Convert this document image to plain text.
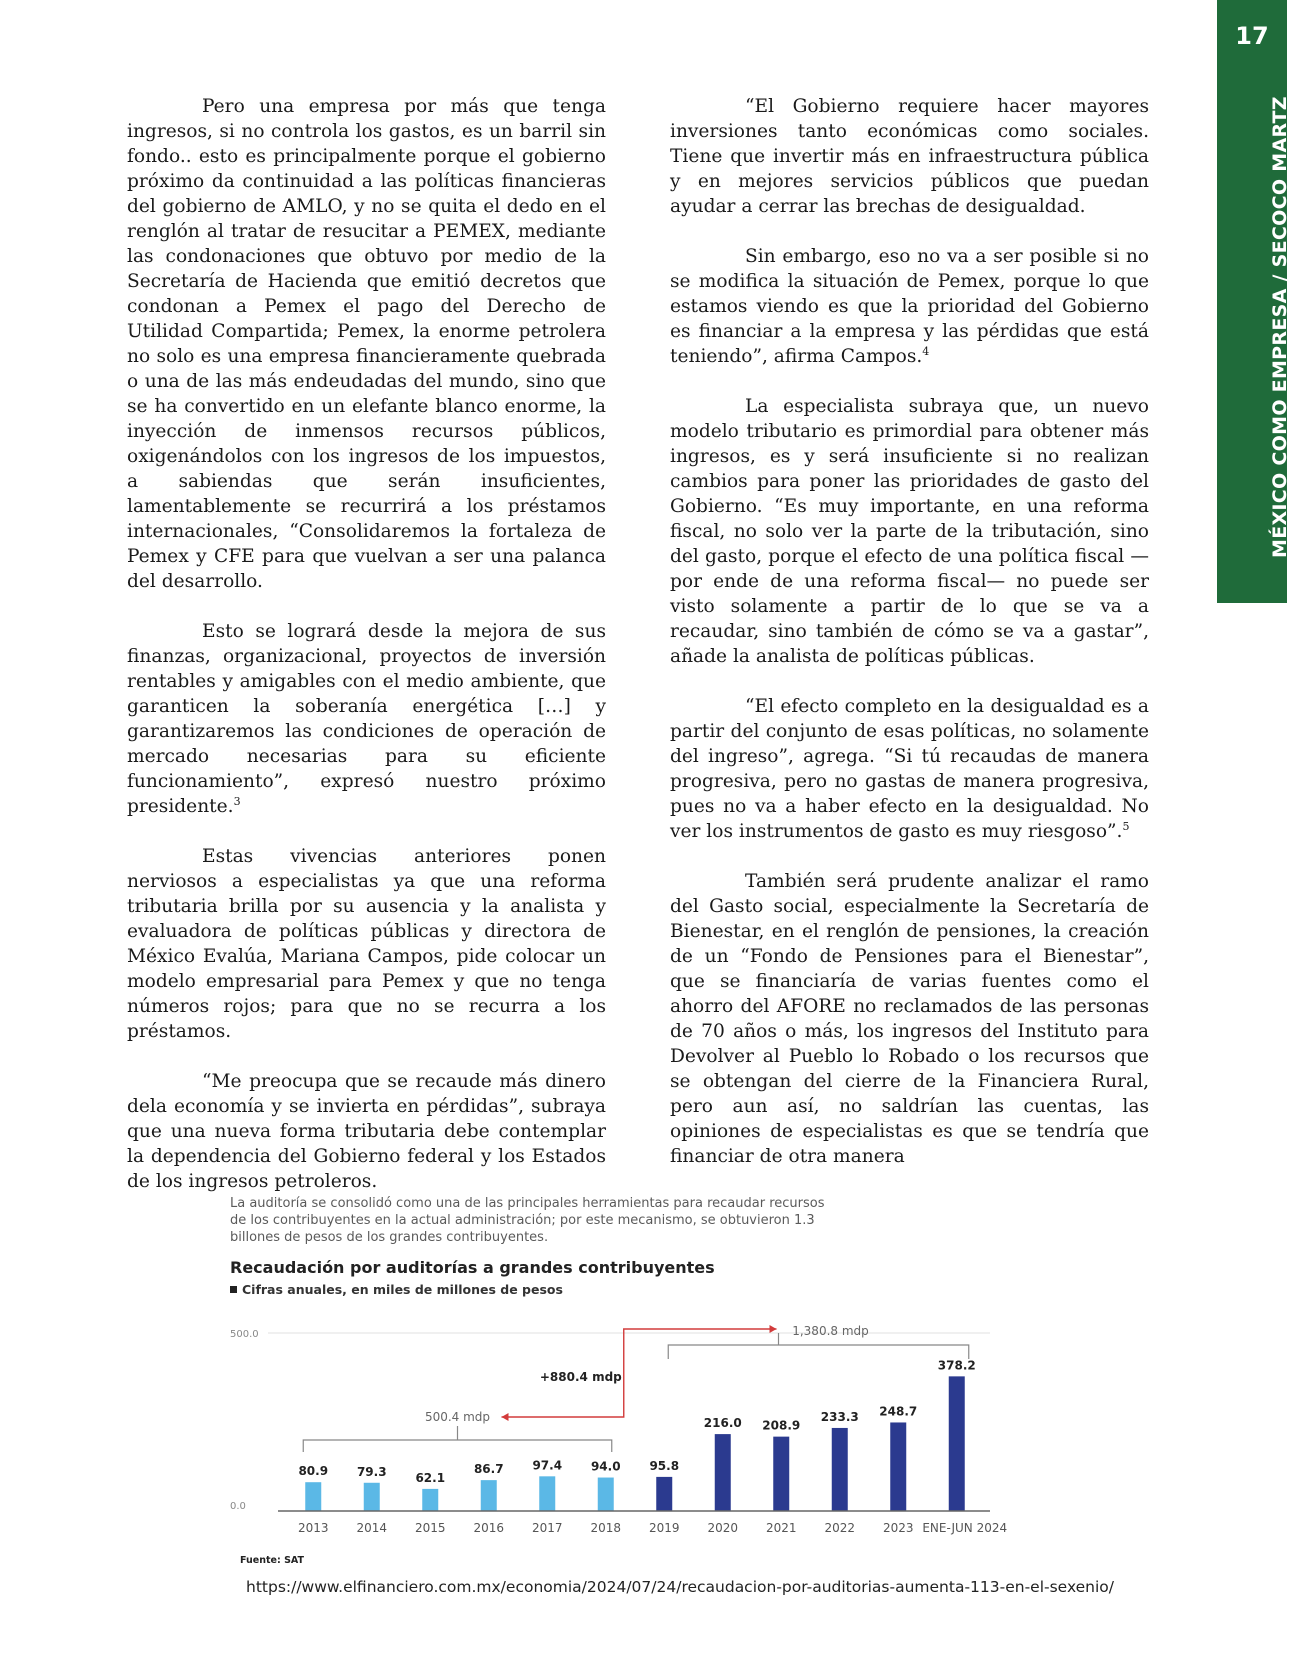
17
MÉXICO COMO EMPRESA / SECOCO MARTZ

Pero una empresa por más que tenga ingresos, si no controla los gastos, es un barril sin fondo.. esto es principalmente porque el gobierno próximo da continuidad a las políticas financieras del gobierno de AMLO, y no se quita el dedo en el renglón al tratar de resucitar a PEMEX, mediante las condonaciones que obtuvo por medio de la Secretaría de Hacienda que emitió decretos que condonan a Pemex el pago del Derecho de Utilidad Compartida; Pemex, la enorme petrolera no solo es una empresa financieramente quebrada o una de las más endeudadas del mundo, sino que se ha convertido en un elefante blanco enorme, la inyección de inmensos recursos públicos, oxigenándolos con los ingresos de los impuestos, a sabiendas que serán insuficientes, lamentablemente se recurrirá a los préstamos internacionales, “Consolidaremos la fortaleza de Pemex y CFE para que vuelvan a ser una palanca del desarrollo.

Esto se logrará desde la mejora de sus finanzas, organizacional, proyectos de inversión rentables y amigables con el medio ambiente, que garanticen la soberanía energética […] y garantizaremos las condiciones de operación de mercado necesarias para su eficiente funcionamiento”, expresó nuestro próximo presidente.$^3$

Estas vivencias anteriores ponen nerviosos a especialistas ya que una reforma tributaria brilla por su ausencia y la analista y evaluadora de políticas públicas y directora de México Evalúa, Mariana Campos, pide colocar un modelo empresarial para Pemex y que no tenga números rojos; para que no se recurra a los préstamos.

“Me preocupa que se recaude más dinero dela economía y se invierta en pérdidas”, subraya que una nueva forma tributaria debe contemplar la dependencia del Gobierno federal y los Estados de los ingresos petroleros.

“El Gobierno requiere hacer mayores inversiones tanto económicas como sociales. Tiene que invertir más en infraestructura pública y en mejores servicios públicos que puedan ayudar a cerrar las brechas de desigualdad.

Sin embargo, eso no va a ser posible si no se modifica la situación de Pemex, porque lo que estamos viendo es que la prioridad del Gobierno es financiar a la empresa y las pérdidas que está teniendo”, afirma Campos.$^4$

La especialista subraya que, un nuevo modelo tributario es primordial para obtener más ingresos, es y será insuficiente si no realizan cambios para poner las prioridades de gasto del Gobierno. “Es muy importante, en una reforma fiscal, no solo ver la parte de la tributación, sino del gasto, porque el efecto de una política fiscal —por ende de una reforma fiscal— no puede ser visto solamente a partir de lo que se va a recaudar, sino también de cómo se va a gastar”, añade la analista de políticas públicas.

“El efecto completo en la desigualdad es a partir del conjunto de esas políticas, no solamente del ingreso”, agrega. “Si tú recaudas de manera progresiva, pero no gastas de manera progresiva, pues no va a haber efecto en la desigualdad. No ver los instrumentos de gasto es muy riesgoso”.$^5$

También será prudente analizar el ramo del Gasto social, especialmente la Secretaría de Bienestar, en el renglón de pensiones, la creación de un “Fondo de Pensiones para el Bienestar”, que se financiaría de varias fuentes como el ahorro del AFORE no reclamados de las personas de 70 años o más, los ingresos del Instituto para Devolver al Pueblo lo Robado o los recursos que se obtengan del cierre de la Financiera Rural, pero aun así, no saldrían las cuentas, las opiniones de especialistas es que se tendría que financiar de otra manera

La auditoría se consolidó como una de las principales herramientas para recaudar recursos de los contribuyentes en la actual administración; por este mecanismo, se obtuvieron 1.3 billones de pesos de los grandes contribuyentes.

Recaudación por auditorías a grandes contribuyentes
Cifras anuales, en miles de millones de pesos
500.0
0.0
80.9
2013
79.3
2014
62.1
2015
86.7
2016
97.4
2017
94.0
2018
95.8
2019
216.0
2020
208.9
2021
233.3
2022
248.7
2023
378.2
ENE-JUN 2024
500.4 mdp
1,380.8 mdp
+880.4 mdp
Fuente: SAT
https://www.elfinanciero.com.mx/economia/2024/07/24/recaudacion-por-auditorias-aumenta-113-en-el-sexenio/
